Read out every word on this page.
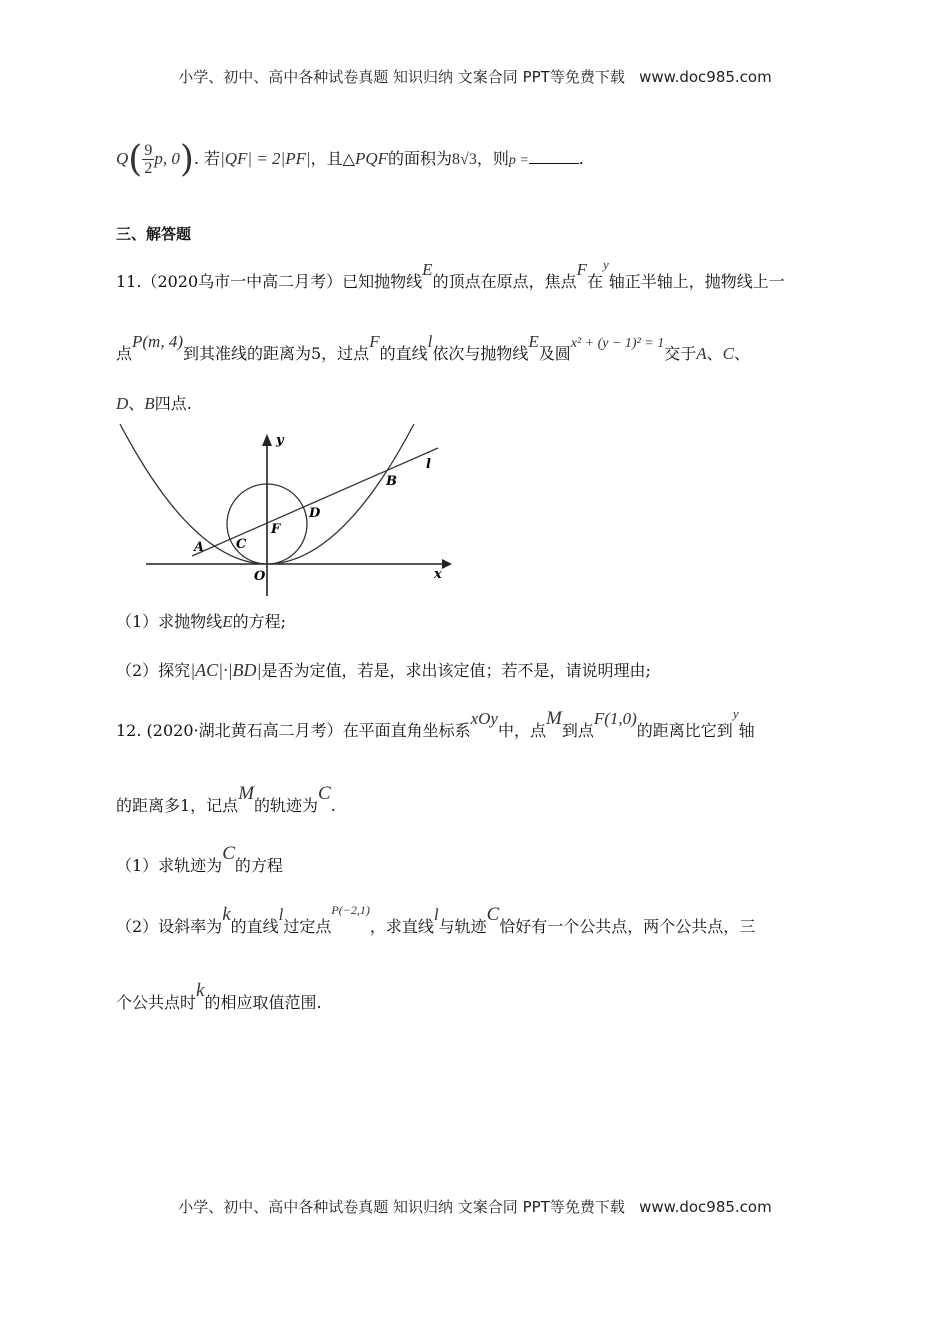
小学、初中、高中各种试卷真题 知识归纳 文案合同 PPT等免费下载 www.doc985.com
$Q( \frac{9}{2} p$, 0). 若|QF| = 2|PF|，且△PQF的面积为8√3，则p =	.
三、解答题
11.（2020乌市一中高二月考）已知抛物线E的顶点在原点，焦点F在$^y$轴正半轴上，抛物线上一
点P(m, 4)到其准线的距离为5，过点F的直线l依次与抛物线E及圆x² + (y − 1)² = 1交于A、C、
D、B四点.
y
x
O
A C
F
D
B
l
（1）求抛物线E的方程;
（2）探究|AC|·|BD|是否为定值，若是，求出该定值；若不是，请说明理由;
12. (2020·湖北黄石高二月考）在平面直角坐标系xOy中，点M到点F(1,0)的距离比它到$^y$轴
的距离多1，记点M的轨迹为C.
（1）求轨迹为C的方程
（2）设斜率为k的直线l过定点$^{P(-2,1)}$，求直线l与轨迹C恰好有一个公共点，两个公共点，三
个公共点时k的相应取值范围.
小学、初中、高中各种试卷真题 知识归纳 文案合同 PPT等免费下载 www.doc985.com
